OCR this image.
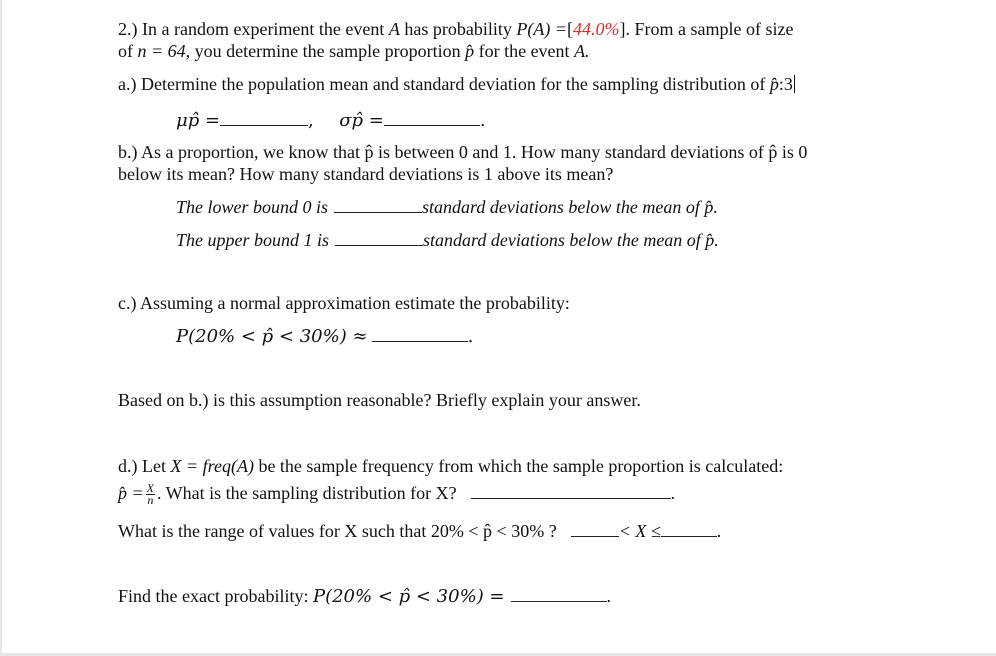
2.) In a random experiment the event A has probability P(A) =[44.0%]. From a sample of size
of n = 64, you determine the sample proportion p̂ for the event A.
a.) Determine the population mean and standard deviation for the sampling distribution of p̂:3
μp̂ =	, σp̂ =	.
b.) As a proportion, we know that p̂ is between 0 and 1. How many standard deviations of p̂ is 0
below its mean? How many standard deviations is 1 above its mean?
The lower bound 0 is	standard deviations below the mean of p̂.
The upper bound 1 is	standard deviations below the mean of p̂.
c.) Assuming a normal approximation estimate the probability:
P(20% < p̂ < 30%) ≈	.
Based on b.) is this assumption reasonable? Briefly explain your answer.
d.) Let X = freq(A) be the sample frequency from which the sample proportion is calculated:
p̂ = $\frac{X}{n}$ . What is the sampling distribution for X?	.
What is the range of values for X such that 20% < p̂ < 30% ?	< X ≤	.
Find the exact probability: P(20% < p̂ < 30%) =	.
